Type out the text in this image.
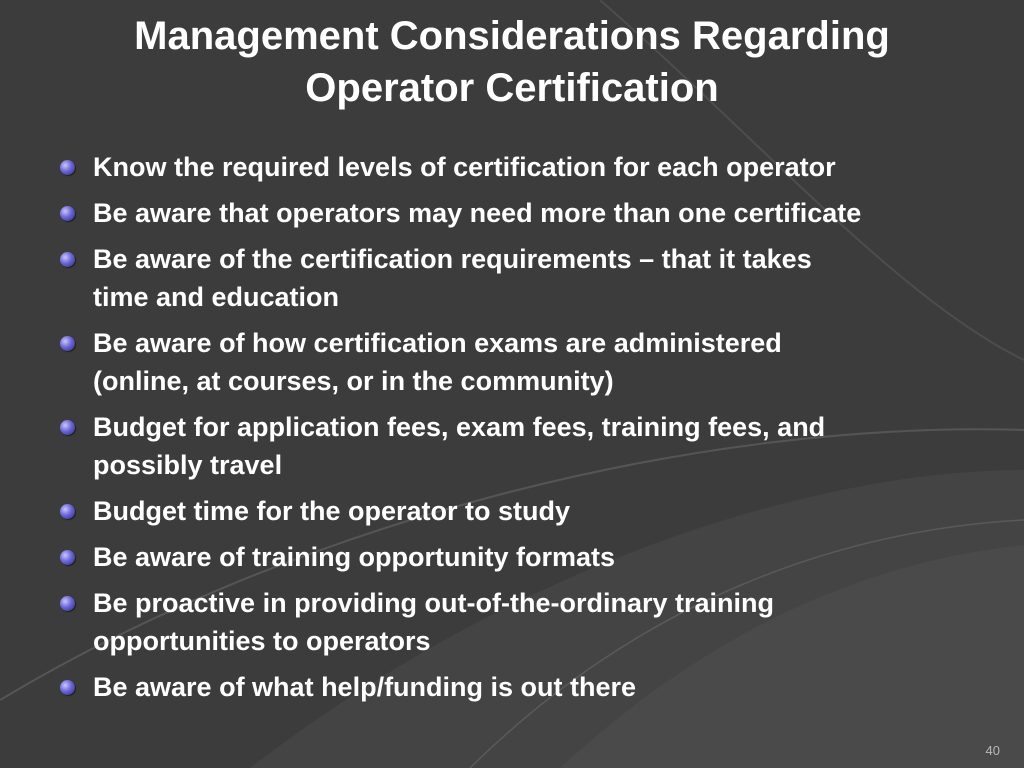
Management Considerations Regarding
Operator Certification
Know the required levels of certification for each operator
Be aware that operators may need more than one certificate
Be aware of the certification requirements – that it takes
time and education
Be aware of how certification exams are administered
(online, at courses, or in the community)
Budget for application fees, exam fees, training fees, and
possibly travel
Budget time for the operator to study
Be aware of training opportunity formats
Be proactive in providing out-of-the-ordinary training
opportunities to operators
Be aware of what help/funding is out there
40
